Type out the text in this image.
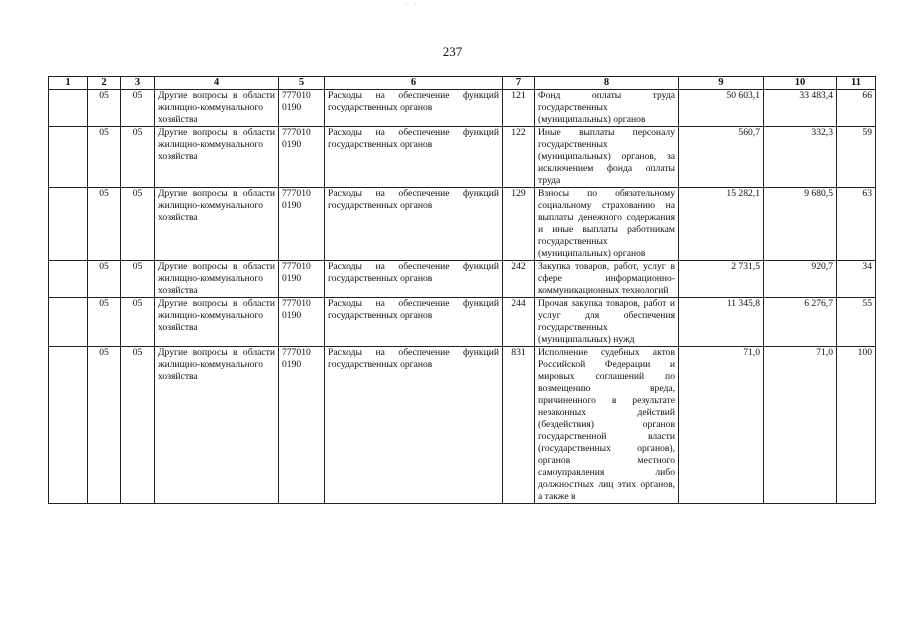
· ·
237
1	2	3	4	5	6	7	8	9	10	11
	05	05	Другие вопросы в области жилищно-коммунального хозяйства	777010 0190	Расходы на обеспечение функций государственных органов	121	Фонд оплаты труда государственных (муниципальных) органов	50 603,1	33 483,4	66
	05	05	Другие вопросы в области жилищно-коммунального хозяйства	777010 0190	Расходы на обеспечение функций государственных органов	122	Иные выплаты персоналу государственных (муниципальных) органов, за исключением фонда оплаты труда	560,7	332,3	59
	05	05	Другие вопросы в области жилищно-коммунального хозяйства	777010 0190	Расходы на обеспечение функций государственных органов	129	Взносы по обязательному социальному страхованию на выплаты денежного содержания и иные выплаты работникам государственных (муниципальных) органов	15 282,1	9 680,5	63
	05	05	Другие вопросы в области жилищно-коммунального хозяйства	777010 0190	Расходы на обеспечение функций государственных органов	242	Закупка товаров, работ, услуг в сфере информационно-коммуникационных технологий	2 731,5	920,7	34
	05	05	Другие вопросы в области жилищно-коммунального хозяйства	777010 0190	Расходы на обеспечение функций государственных органов	244	Прочая закупка товаров, работ и услуг для обеспечения государственных (муниципальных) нужд	11 345,8	6 276,7	55
	05	05	Другие вопросы в области жилищно-коммунального хозяйства	777010 0190	Расходы на обеспечение функций государственных органов	831	Исполнение судебных актов Российской Федерации и мировых соглашений по возмещению вреда, причиненного в результате незаконных действий (бездействия) органов государственной власти (государственных органов), органов местного самоуправления либо должностных лиц этих органов, а также в	71,0	71,0	100
